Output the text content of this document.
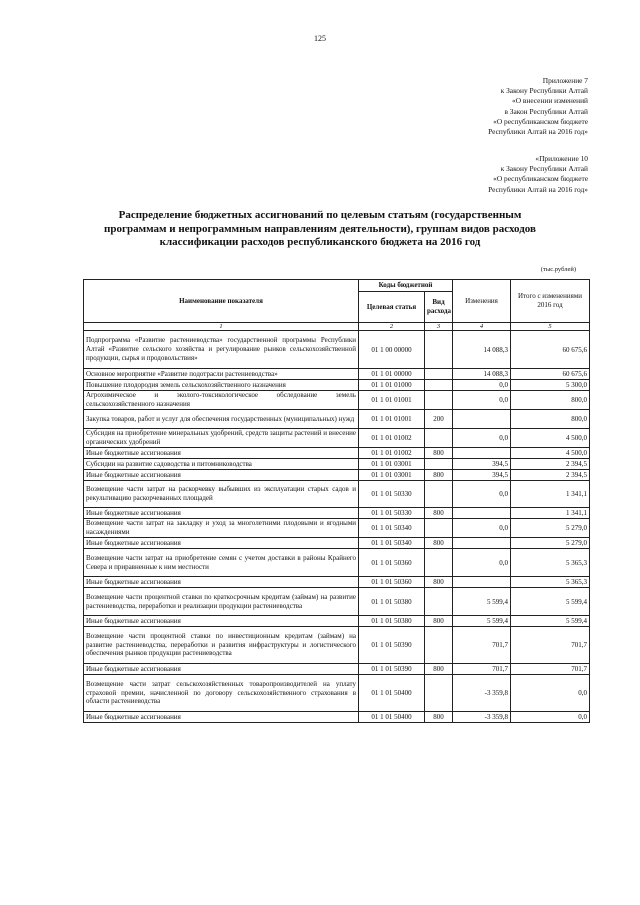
125
Приложение 7
к Закону Республики Алтай
«О внесении изменений
в Закон Республики Алтай
«О республиканском бюджете
Республики Алтай на 2016 год»
«Приложение 10
к Закону Республики Алтай
«О республиканском бюджете
Республики Алтай на 2016 год»
Распределение бюджетных ассигнований по целевым статьям (государственным программам и непрограммным направлениям деятельности), группам видов расходов классификации расходов республиканского бюджета на 2016 год
(тыс.рублей)
Наименование показателя	Коды бюджетной		Изменения	Итого с изменениями 2016 год
	Целевая статья	Вид расхода		
1	2	3	4	5
Подпрограмма «Развитие растениеводства» государственной программы Республики Алтай «Развитие сельского хозяйства и регулирование рынков сельскохозяйственной продукции, сырья и продовольствия»	01 1 00 00000		14 088,3	60 675,6
Основное мероприятие «Развитие подотрасли растениеводства»	01 1 01 00000		14 088,3	60 675,6
Повышение плодородия земель сельскохозяйственного назначения	01 1 01 01000		0,0	5 300,0
Агрохимическое и эколого-токсикологическое обследование земель сельскохозяйственного назначения	01 1 01 01001		0,0	800,0
Закупка товаров, работ и услуг для обеспечения государственных (муниципальных) нужд	01 1 01 01001	200		800,0
Субсидия на приобретение минеральных удобрений, средств защиты растений и внесение органических удобрений	01 1 01 01002		0,0	4 500,0
Иные бюджетные ассигнования	01 1 01 01002	800		4 500,0
Субсидии на развитие садоводства и питомниководства	01 1 01 03001		394,5	2 394,5
Иные бюджетные ассигнования	01 1 01 03001	800	394,5	2 394,5
Возмещение части затрат на раскорчевку выбывших из эксплуатации старых садов и рекультивацию раскорчеванных площадей	01 1 01 50330		0,0	1 341,1
Иные бюджетные ассигнования	01 1 01 50330	800		1 341,1
Возмещение части затрат на закладку и уход за многолетними плодовыми и ягодными насаждениями	01 1 01 50340		0,0	5 279,0
Иные бюджетные ассигнования	01 1 01 50340	800		5 279,0
Возмещение части затрат на приобретение семян с учетом доставки в районы Крайнего Севера и приравненные к ним местности	01 1 01 50360		0,0	5 365,3
Иные бюджетные ассигнования	01 1 01 50360	800		5 365,3
Возмещение части процентной ставки по краткосрочным кредитам (займам) на развитие растениеводства, переработки и реализации продукции растениеводства	01 1 01 50380		5 599,4	5 599,4
Иные бюджетные ассигнования	01 1 01 50380	800	5 599,4	5 599,4
Возмещение части процентной ставки по инвестиционным кредитам (займам) на развитие растениеводства, переработки и развития инфраструктуры и логистического обеспечения рынков продукции растениеводства	01 1 01 50390		701,7	701,7
Иные бюджетные ассигнования	01 1 01 50390	800	701,7	701,7
Возмещение части затрат сельскохозяйственных товаропроизводителей на уплату страховой премии, начисленной по договору сельскохозяйственного страхования в области растениеводства	01 1 01 50400		-3 359,8	0,0
Иные бюджетные ассигнования	01 1 01 50400	800	-3 359,8	0,0
